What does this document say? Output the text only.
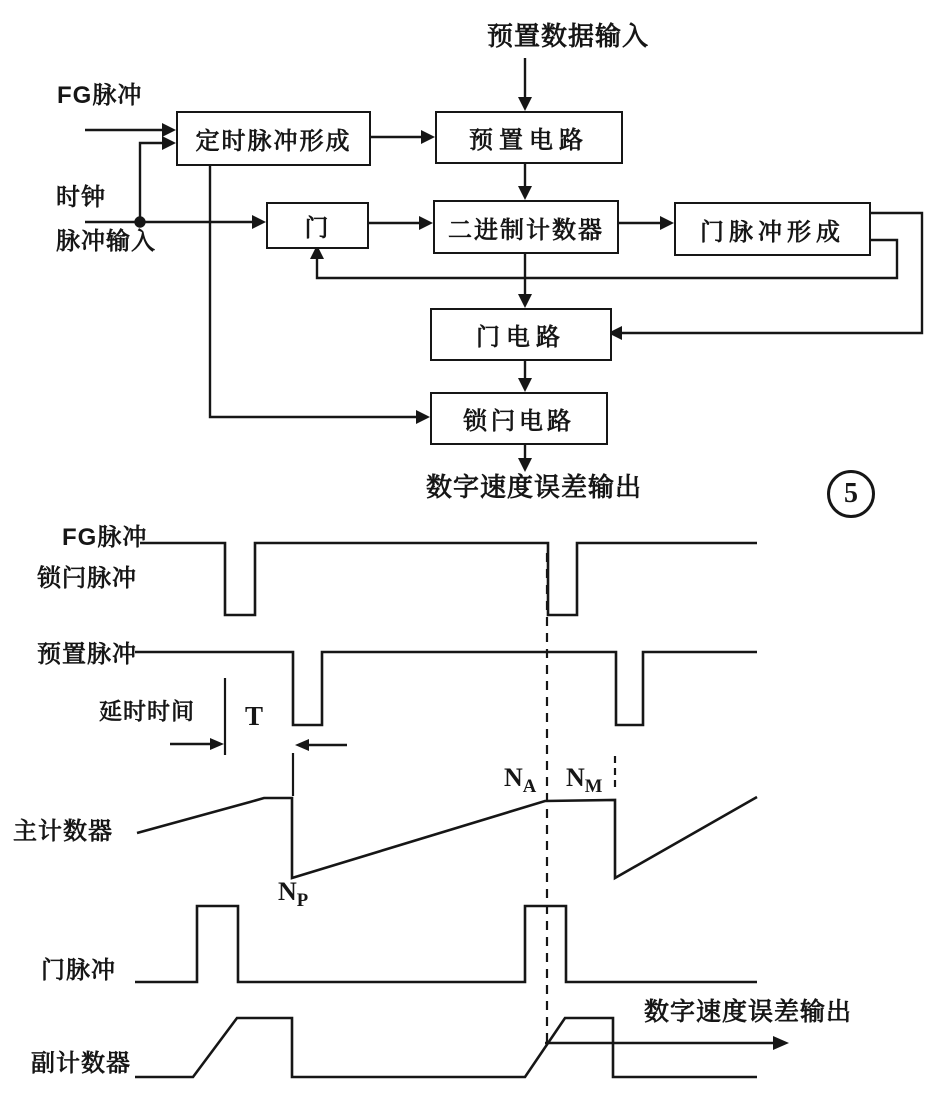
定时脉冲形成	预置电路
门	二进制计数器	门脉冲形成
门电路
锁闩电路
预置数据输入
FG脉冲
时钟
脉冲输入
数字速度误差输出	5
FG脉冲
锁闩脉冲
预置脉冲
主计数器
门脉冲
副计数器
延时时间 T
$N_P$
$N_A$ $N_M$
数字速度误差输出
